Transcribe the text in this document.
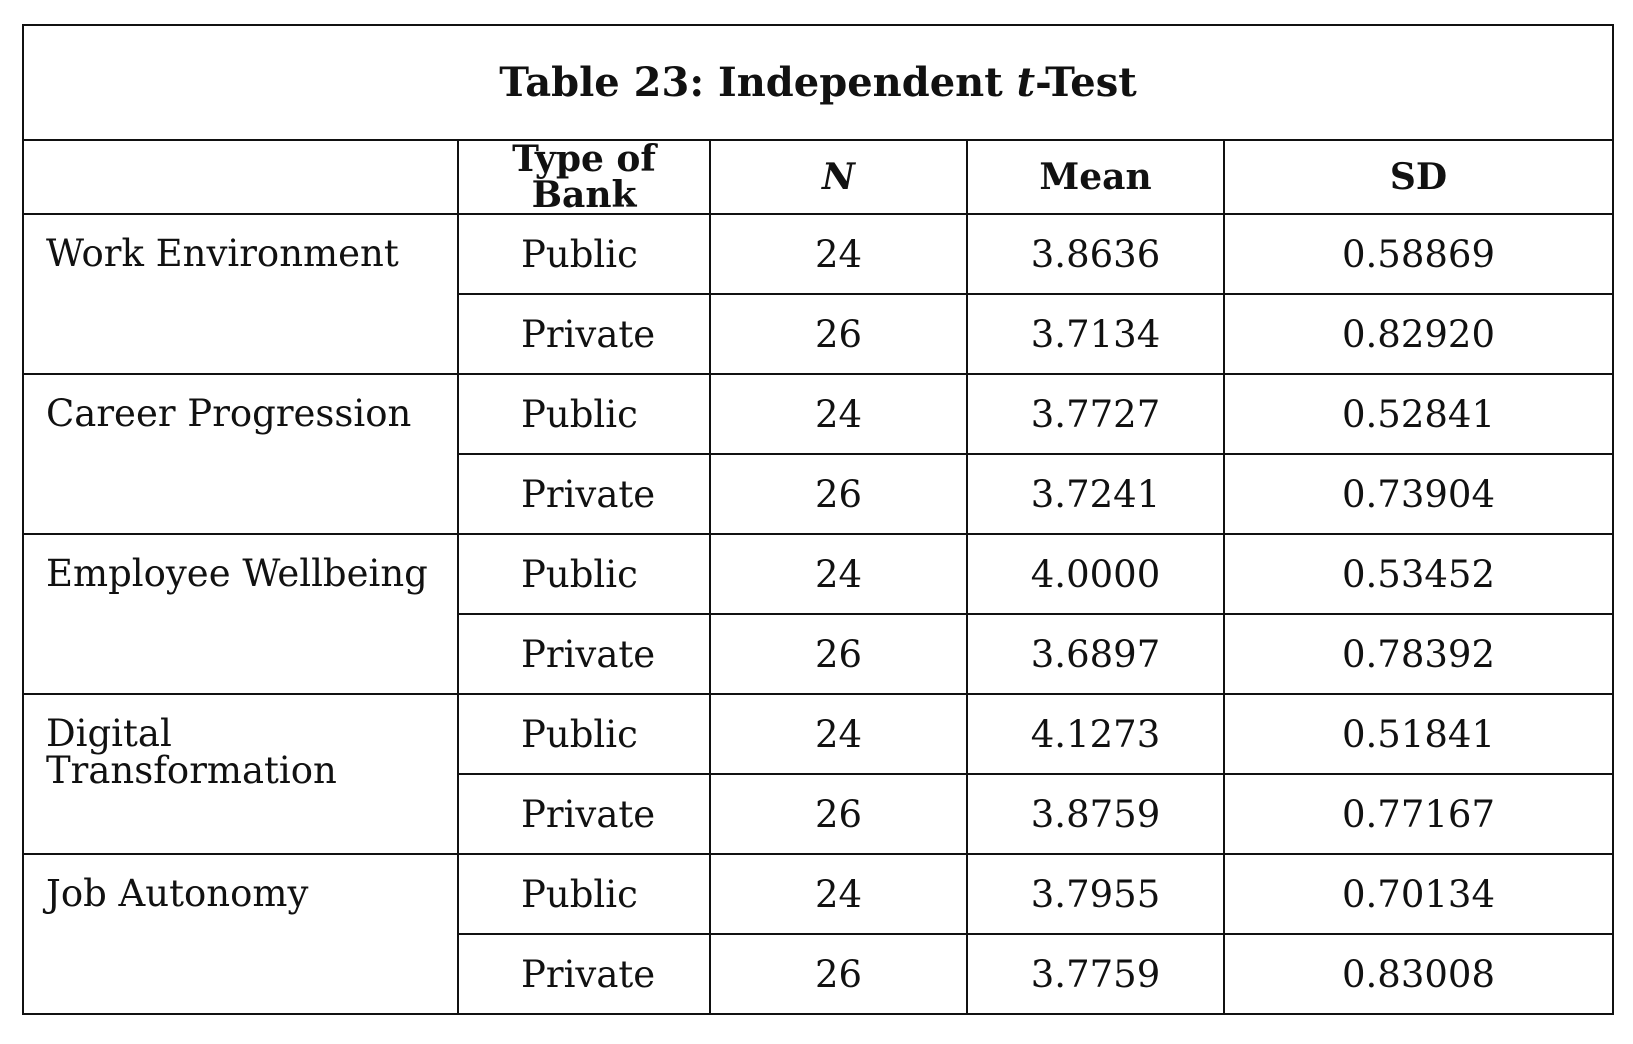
Table 23: Independent t-Test				
	Type of Bank	N	Mean	SD
Work Environment	Public	24	3.8636	0.58869
	Private	26	3.7134	0.82920
Career Progression	Public	24	3.7727	0.52841
	Private	26	3.7241	0.73904
Employee Wellbeing	Public	24	4.0000	0.53452
	Private	26	3.6897	0.78392
Digital Transformation	Public	24	4.1273	0.51841
	Private	26	3.8759	0.77167
Job Autonomy	Public	24	3.7955	0.70134
	Private	26	3.7759	0.83008
